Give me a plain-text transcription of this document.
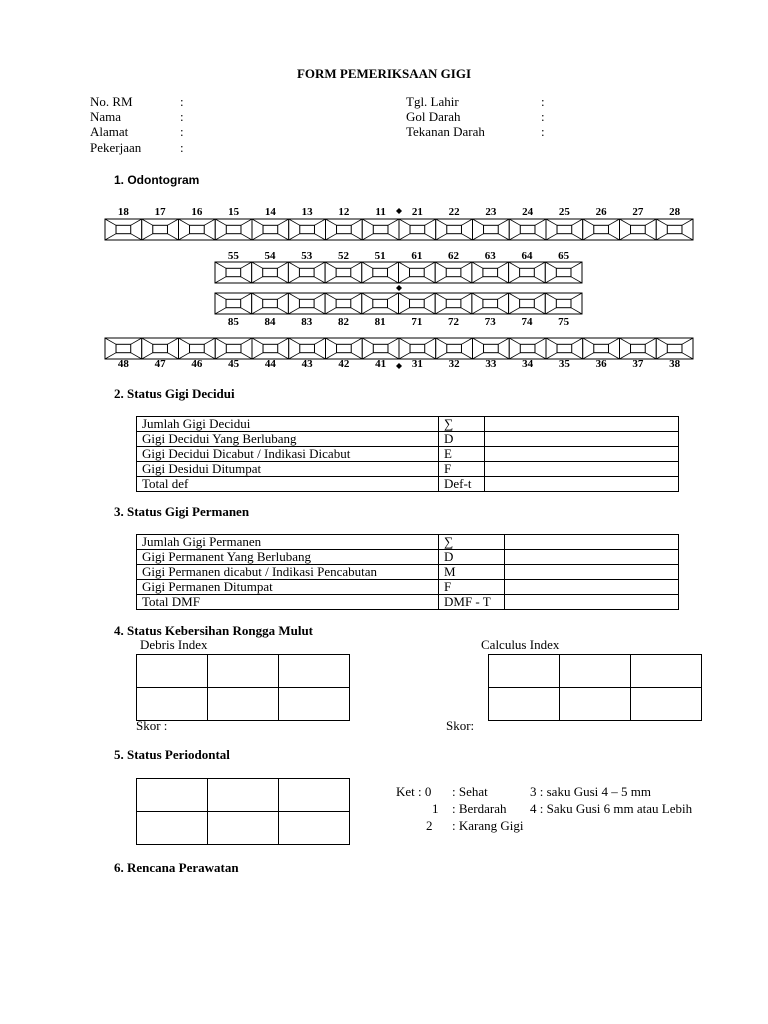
FORM PEMERIKSAAN GIGI
No. RM	:
Nama	:
Alamat	:
Pekerjaan	:
Tgl. Lahir	:
Gol Darah	:
Tekanan Darah	:
1. Odontogram
18 17 16 15 14 13 12 11 21 22 23 24 25 26 27 28
55 54 53 52 51 61 62 63 64 65
85 84 83 82 81 71 72 73 74 75
48 47 46 45 44 43 42 41 31 32 33 34 35 36 37 38
2. Status Gigi Decidui
Jumlah Gigi Decidui	∑	
Gigi Decidui Yang Berlubang	D	
Gigi Decidui Dicabut / Indikasi Dicabut	E	
Gigi Desidui Ditumpat	F	
Total def	Def-t	
3. Status Gigi Permanen
Jumlah Gigi Permanen	∑	
Gigi Permanent Yang Berlubang	D	
Gigi Permanen dicabut / Indikasi Pencabutan	M	
Gigi Permanen Ditumpat	F	
Total DMF	DMF - T	
4. Status Kebersihan Rongga Mulut
Debris Index	Calculus Index

Skor :	Skor:
5. Status Periodontal

Ket : 0 : Sehat	3 : saku Gusi 4 – 5 mm
1 : Berdarah 4 : Saku Gusi 6 mm atau Lebih
2 : Karang Gigi
6. Rencana Perawatan
